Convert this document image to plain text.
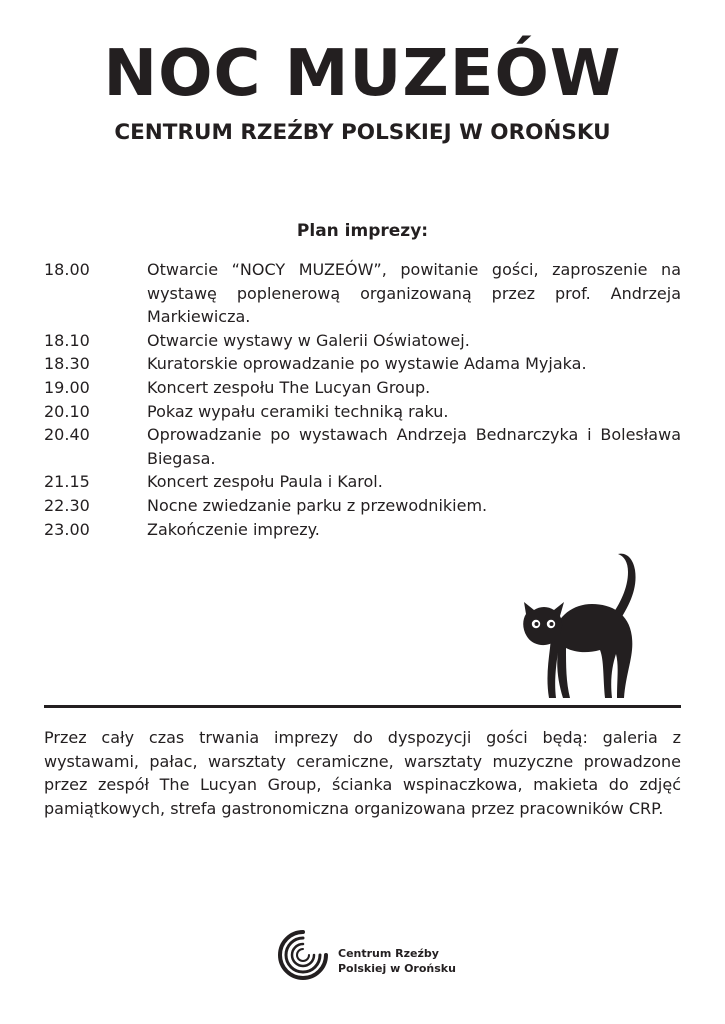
NOC MUZEÓW
CENTRUM RZEŹBY POLSKIEJ W OROŃSKU
Plan imprezy:
18.00	Otwarcie “NOCY MUZEÓW”, powitanie gości, zaproszenie na wystawę poplenerową organizowaną przez prof. Andrzeja Markiewicza.
18.10	Otwarcie wystawy w Galerii Oświatowej.
18.30	Kuratorskie oprowadzanie po wystawie Adama Myjaka.
19.00	Koncert zespołu The Lucyan Group.
20.10	Pokaz wypału ceramiki techniką raku.
20.40	Oprowadzanie po wystawach Andrzeja Bednarczyka i Bolesława Biegasa.
21.15	Koncert zespołu Paula i Karol.
22.30	Nocne zwiedzanie parku z przewodnikiem.
23.00	Zakończenie imprezy.
Przez cały czas trwania imprezy do dyspozycji gości będą: galeria z wystawami, pałac, warsztaty ceramiczne, warsztaty muzyczne prowadzone przez zespół The Lucyan Group, ścianka wspinaczkowa, makieta do zdjęć pamiątkowych, strefa gastronomiczna organizowana przez pracowników CRP.
Centrum Rzeźby
Polskiej w Orońsku
